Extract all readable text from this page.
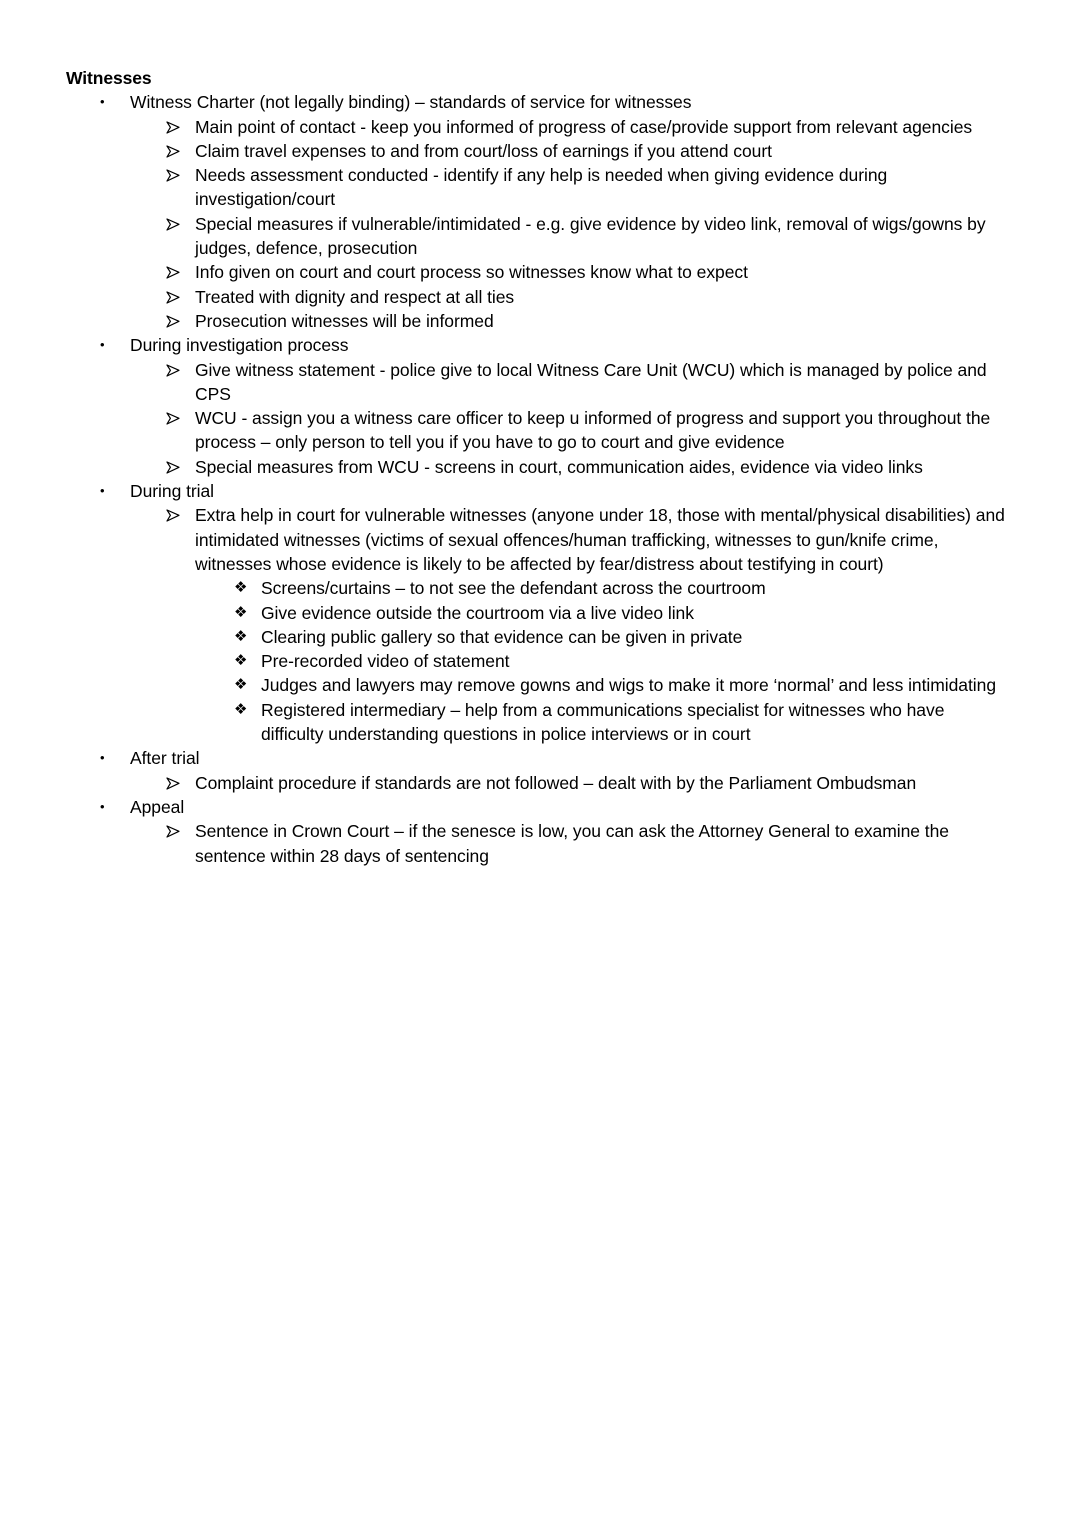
Witnesses
•	Witness Charter (not legally binding) – standards of service for witnesses
Main point of contact - keep you informed of progress of case/provide support from relevant agencies
Claim travel expenses to and from court/loss of earnings if you attend court
Needs assessment conducted - identify if any help is needed when giving evidence during investigation/court
Special measures if vulnerable/intimidated - e.g. give evidence by video link, removal of wigs/gowns by judges, defence, prosecution
Info given on court and court process so witnesses know what to expect
Treated with dignity and respect at all ties
Prosecution witnesses will be informed
•	During investigation process
Give witness statement - police give to local Witness Care Unit (WCU) which is managed by police and CPS
WCU - assign you a witness care officer to keep u informed of progress and support you throughout the process – only person to tell you if you have to go to court and give evidence
Special measures from WCU - screens in court, communication aides, evidence via video links
•	During trial
Extra help in court for vulnerable witnesses (anyone under 18, those with mental/physical disabilities) and intimidated witnesses (victims of sexual offences/human trafficking, witnesses to gun/knife crime, witnesses whose evidence is likely to be affected by fear/distress about testifying in court)
❖ Screens/curtains – to not see the defendant across the courtroom
❖ Give evidence outside the courtroom via a live video link
❖ Clearing public gallery so that evidence can be given in private
❖ Pre-recorded video of statement
❖ Judges and lawyers may remove gowns and wigs to make it more ‘normal’ and less intimidating
❖ Registered intermediary – help from a communications specialist for witnesses who have difficulty understanding questions in police interviews or in court
•	After trial
Complaint procedure if standards are not followed – dealt with by the Parliament Ombudsman
•	Appeal
Sentence in Crown Court – if the senesce is low, you can ask the Attorney General to examine the sentence within 28 days of sentencing
